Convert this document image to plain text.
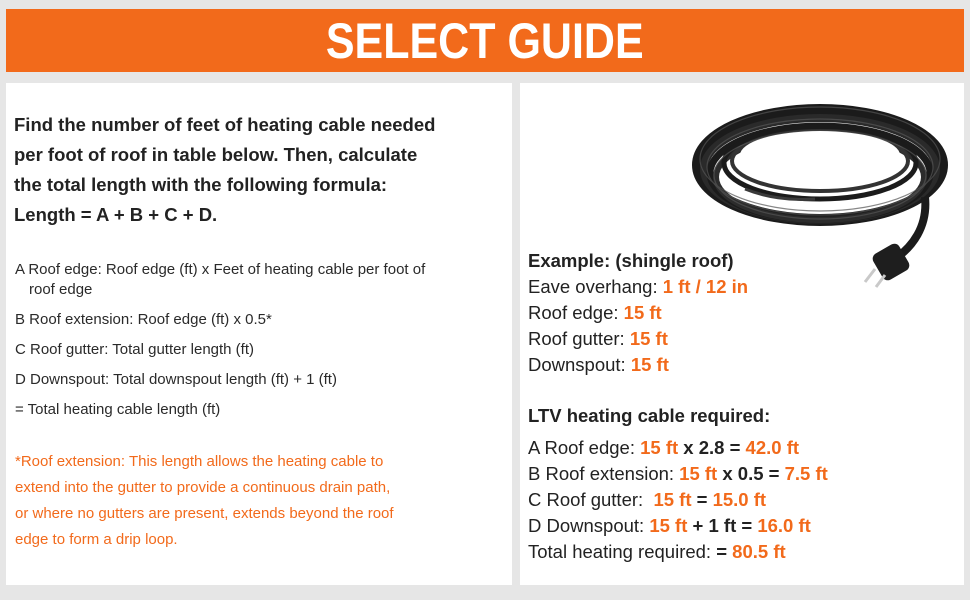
SELECT GUIDE
Find the number of feet of heating cable needed
per foot of roof in table below. Then, calculate
the total length with the following formula:
Length = A + B + C + D.
A Roof edge: Roof edge (ft) x Feet of heating cable per foot of
roof edge
B Roof extension: Roof edge (ft) x 0.5*
C Roof gutter: Total gutter length (ft)
D Downspout: Total downspout length (ft) + 1 (ft)
= Total heating cable length (ft)
*Roof extension: This length allows the heating cable to
extend into the gutter to provide a continuous drain path,
or where no gutters are present, extends beyond the roof
edge to form a drip loop.
Example: (shingle roof)
Eave overhang: 1 ft / 12 in
Roof edge: 15 ft
Roof gutter: 15 ft
Downspout: 15 ft
LTV heating cable required:
A Roof edge: 15 ft x 2.8 = 42.0 ft
B Roof extension: 15 ft x 0.5 = 7.5 ft
C Roof gutter:  15 ft = 15.0 ft
D Downspout: 15 ft + 1 ft = 16.0 ft
Total heating required: = 80.5 ft
